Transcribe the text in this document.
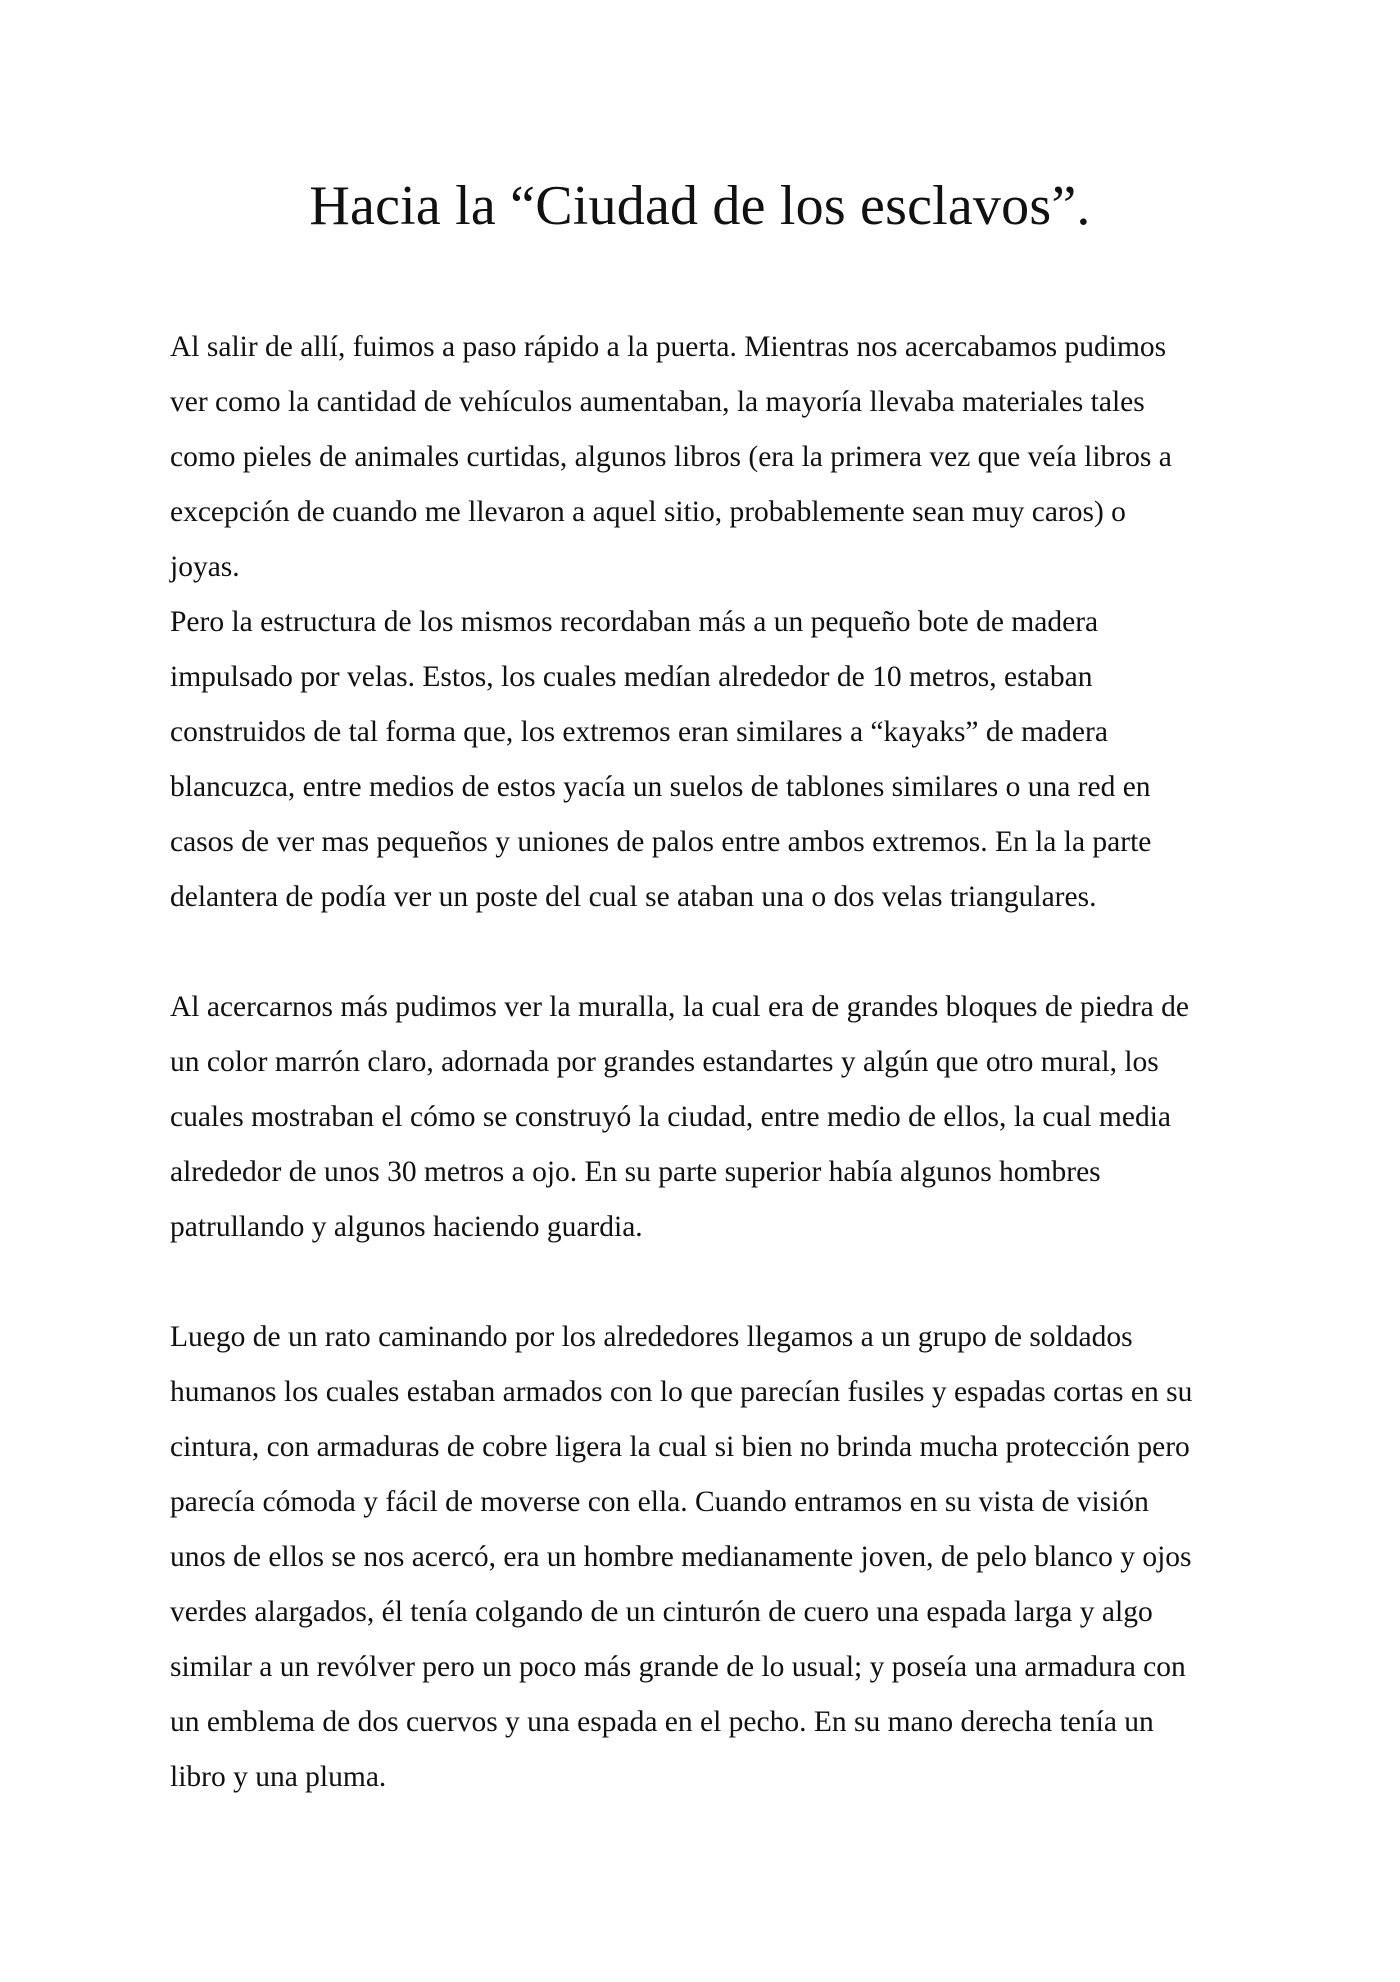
Hacia la “Ciudad de los esclavos”.

Al salir de allí, fuimos a paso rápido a la puerta. Mientras nos acercabamos pudimos
ver como la cantidad de vehículos aumentaban, la mayoría llevaba materiales tales
como pieles de animales curtidas, algunos libros (era la primera vez que veía libros a
excepción de cuando me llevaron a aquel sitio, probablemente sean muy caros) o
joyas.

Pero la estructura de los mismos recordaban más a un pequeño bote de madera
impulsado por velas. Estos, los cuales medían alrededor de 10 metros, estaban
construidos de tal forma que, los extremos eran similares a “kayaks” de madera
blancuzca, entre medios de estos yacía un suelos de tablones similares o una red en
casos de ver mas pequeños y uniones de palos entre ambos extremos. En la la parte
delantera de podía ver un poste del cual se ataban una o dos velas triangulares.

Al acercarnos más pudimos ver la muralla, la cual era de grandes bloques de piedra de
un color marrón claro, adornada por grandes estandartes y algún que otro mural, los
cuales mostraban el cómo se construyó la ciudad, entre medio de ellos, la cual media
alrededor de unos 30 metros a ojo. En su parte superior había algunos hombres
patrullando y algunos haciendo guardia.

Luego de un rato caminando por los alrededores llegamos a un grupo de soldados
humanos los cuales estaban armados con lo que parecían fusiles y espadas cortas en su
cintura, con armaduras de cobre ligera la cual si bien no brinda mucha protección pero
parecía cómoda y fácil de moverse con ella. Cuando entramos en su vista de visión
unos de ellos se nos acercó, era un hombre medianamente joven, de pelo blanco y ojos
verdes alargados, él tenía colgando de un cinturón de cuero una espada larga y algo
similar a un revólver pero un poco más grande de lo usual; y poseía una armadura con
un emblema de dos cuervos y una espada en el pecho. En su mano derecha tenía un
libro y una pluma.
